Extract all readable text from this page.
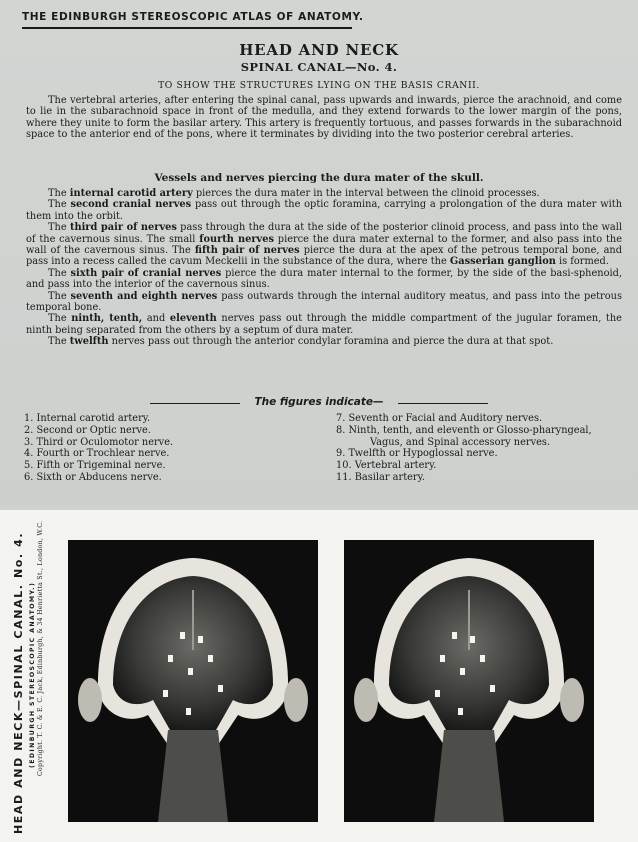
THE EDINBURGH STEREOSCOPIC ATLAS OF ANATOMY.
HEAD AND NECK
SPINAL CANAL—No. 4.
TO SHOW THE STRUCTURES LYING ON THE BASIS CRANII.

The vertebral arteries, after entering the spinal canal, pass upwards and inwards, pierce the arachnoid, and come to lie in the subarachnoid space in front of the medulla, and they extend forwards to the lower margin of the pons, where they unite to form the basilar artery. This artery is frequently tortuous, and passes forwards in the subarachnoid space to the anterior end of the pons, where it terminates by dividing into the two posterior cerebral arteries.

Vessels and nerves piercing the dura mater of the skull.

The internal carotid artery pierces the dura mater in the interval between the clinoid processes.

The second cranial nerves pass out through the optic foramina, carrying a prolongation of the dura mater with them into the orbit.

The third pair of nerves pass through the dura at the side of the posterior clinoid process, and pass into the wall of the cavernous sinus. The small fourth nerves pierce the dura mater external to the former, and also pass into the wall of the cavernous sinus. The fifth pair of nerves pierce the dura at the apex of the petrous temporal bone, and pass into a recess called the cavum Meckelii in the substance of the dura, where the Gasserian ganglion is formed.

The sixth pair of cranial nerves pierce the dura mater internal to the former, by the side of the basi-sphenoid, and pass into the interior of the cavernous sinus.

The seventh and eighth nerves pass outwards through the internal auditory meatus, and pass into the petrous temporal bone.

The ninth, tenth, and eleventh nerves pass out through the middle compartment of the jugular foramen, the ninth being separated from the others by a septum of dura mater.

The twelfth nerves pass out through the anterior condylar foramina and pierce the dura at that spot.

The figures indicate—
1. Internal carotid artery.
2. Second or Optic nerve.
3. Third or Oculomotor nerve.
4. Fourth or Trochlear nerve.
5. Fifth or Trigeminal nerve.
6. Sixth or Abducens nerve.
7. Seventh or Facial and Auditory nerves.
8. Ninth, tenth, and eleventh or Glosso-pharyngeal,
Vagus, and Spinal accessory nerves.
9. Twelfth or Hypoglossal nerve.
10. Vertebral artery.
11. Basilar artery.
HEAD AND NECK—SPINAL CANAL. No. 4. (EDINBURGH STEREOSCOPIC ANATOMY.) Copyright. T. C. & E. C. Jack, Edinburgh, & 34 Henrietta St., London, W.C.
